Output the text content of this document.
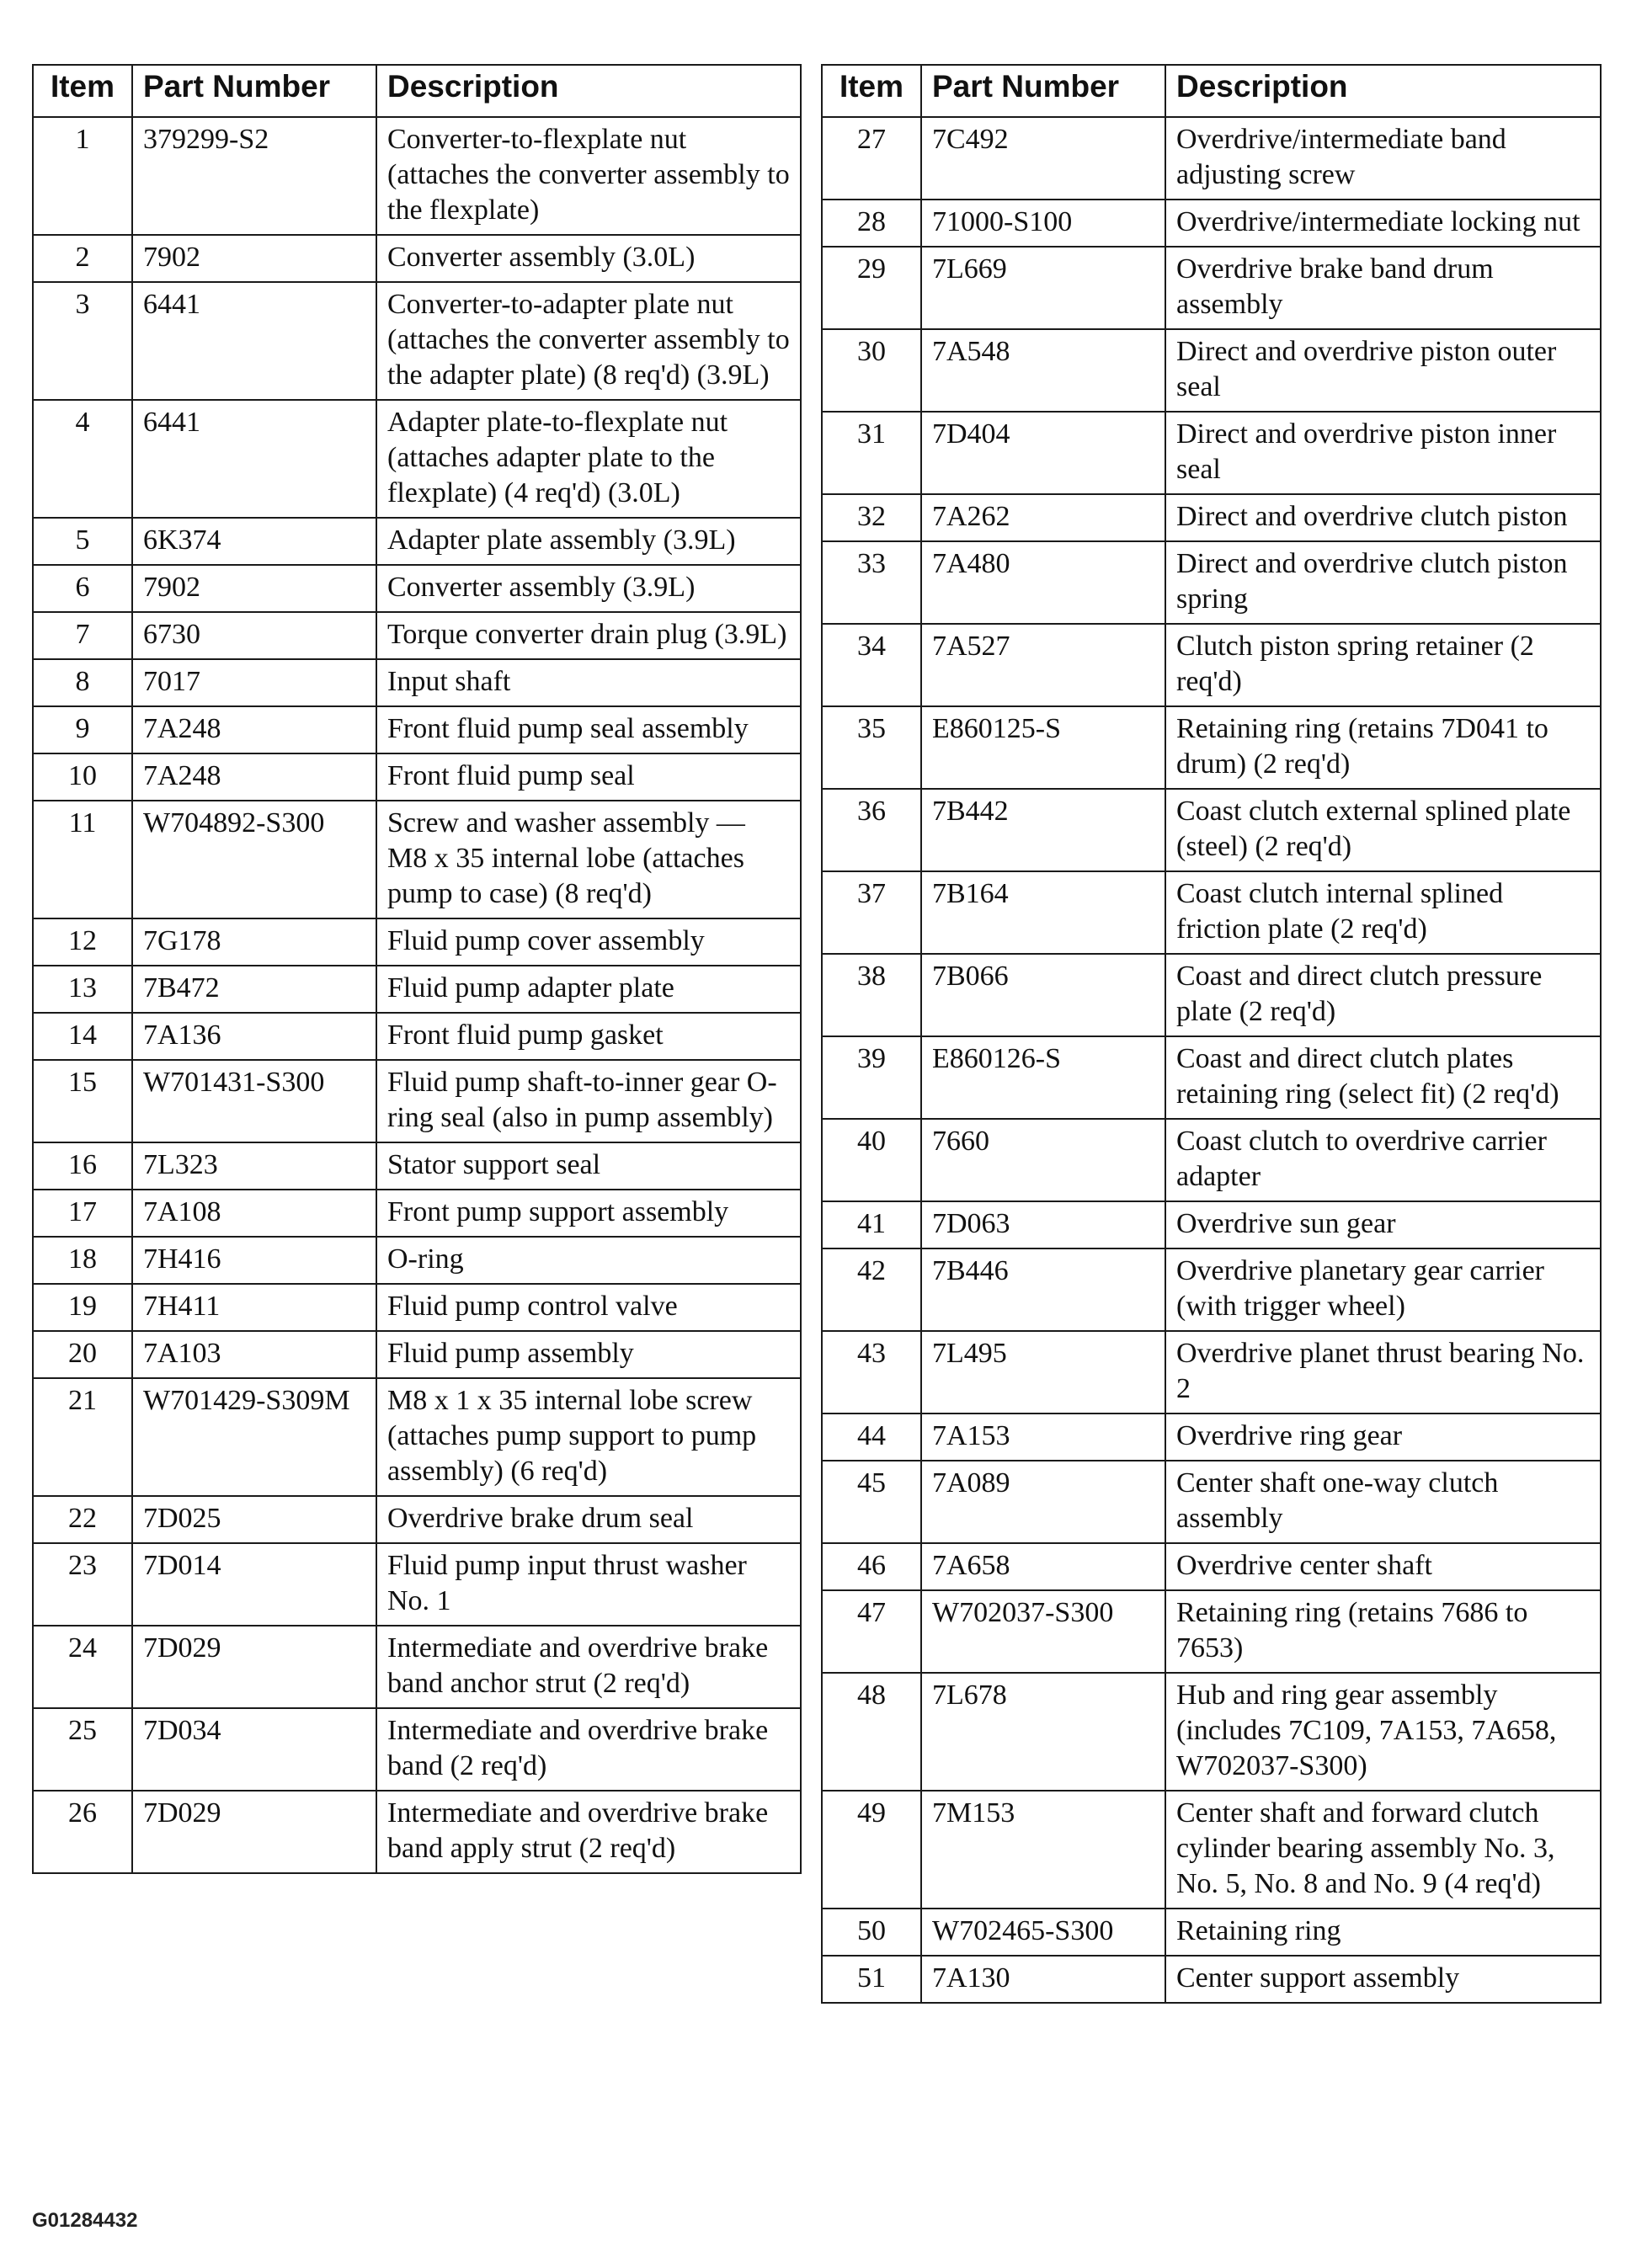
Item	Part Number	Description
1	379299-S2	Converter-to-flexplate nut (attaches the converter assembly to the flexplate)
2	7902	Converter assembly (3.0L)
3	6441	Converter-to-adapter plate nut (attaches the converter assembly to the adapter plate) (8 req'd) (3.9L)
4	6441	Adapter plate-to-flexplate nut (attaches adapter plate to the flexplate) (4 req'd) (3.0L)
5	6K374	Adapter plate assembly (3.9L)
6	7902	Converter assembly (3.9L)
7	6730	Torque converter drain plug (3.9L)
8	7017	Input shaft
9	7A248	Front fluid pump seal assembly
10	7A248	Front fluid pump seal
11	W704892-S300	Screw and washer assembly — M8 x 35 internal lobe (attaches pump to case) (8 req'd)
12	7G178	Fluid pump cover assembly
13	7B472	Fluid pump adapter plate
14	7A136	Front fluid pump gasket
15	W701431-S300	Fluid pump shaft-to-inner gear O-ring seal (also in pump assembly)
16	7L323	Stator support seal
17	7A108	Front pump support assembly
18	7H416	O-ring
19	7H411	Fluid pump control valve
20	7A103	Fluid pump assembly
21	W701429-S309M	M8 x 1 x 35 internal lobe screw (attaches pump support to pump assembly) (6 req'd)
22	7D025	Overdrive brake drum seal
23	7D014	Fluid pump input thrust washer No. 1
24	7D029	Intermediate and overdrive brake band anchor strut (2 req'd)
25	7D034	Intermediate and overdrive brake band (2 req'd)
26	7D029	Intermediate and overdrive brake band apply strut (2 req'd)
Item	Part Number	Description
27	7C492	Overdrive/intermediate band adjusting screw
28	71000-S100	Overdrive/intermediate locking nut
29	7L669	Overdrive brake band drum assembly
30	7A548	Direct and overdrive piston outer seal
31	7D404	Direct and overdrive piston inner seal
32	7A262	Direct and overdrive clutch piston
33	7A480	Direct and overdrive clutch piston spring
34	7A527	Clutch piston spring retainer (2 req'd)
35	E860125-S	Retaining ring (retains 7D041 to drum) (2 req'd)
36	7B442	Coast clutch external splined plate (steel) (2 req'd)
37	7B164	Coast clutch internal splined friction plate (2 req'd)
38	7B066	Coast and direct clutch pressure plate (2 req'd)
39	E860126-S	Coast and direct clutch plates retaining ring (select fit) (2 req'd)
40	7660	Coast clutch to overdrive carrier adapter
41	7D063	Overdrive sun gear
42	7B446	Overdrive planetary gear carrier (with trigger wheel)
43	7L495	Overdrive planet thrust bearing No. 2
44	7A153	Overdrive ring gear
45	7A089	Center shaft one-way clutch assembly
46	7A658	Overdrive center shaft
47	W702037-S300	Retaining ring (retains 7686 to 7653)
48	7L678	Hub and ring gear assembly (includes 7C109, 7A153, 7A658, W702037-S300)
49	7M153	Center shaft and forward clutch cylinder bearing assembly No. 3, No. 5, No. 8 and No. 9 (4 req'd)
50	W702465-S300	Retaining ring
51	7A130	Center support assembly
G01284432
